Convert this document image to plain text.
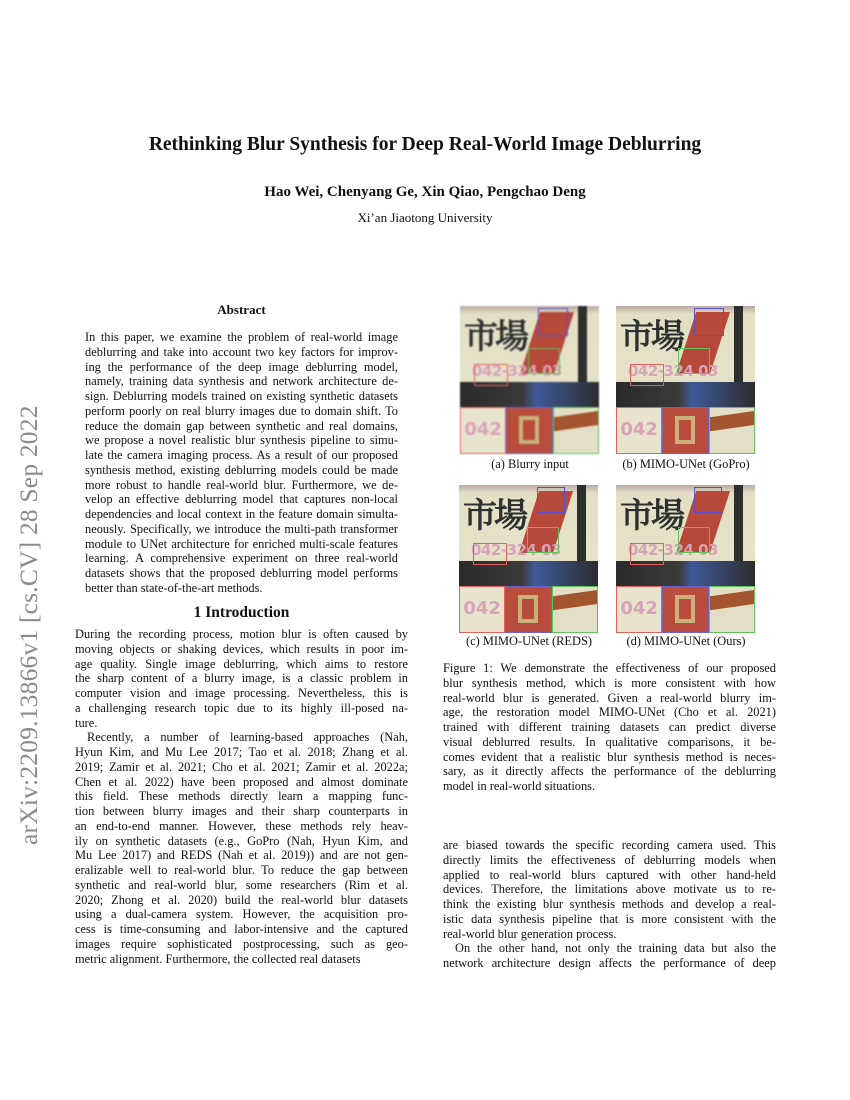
Rethinking Blur Synthesis for Deep Real-World Image Deblurring
Hao Wei, Chenyang Ge, Xin Qiao, Pengchao Deng
Xi’an Jiaotong University
arXiv:2209.13866v1 [cs.CV] 28 Sep 2022
Abstract
In this paper, we examine the problem of real-world image
deblurring and take into account two key factors for improv-
ing the performance of the deep image deblurring model,
namely, training data synthesis and network architecture de-
sign. Deblurring models trained on existing synthetic datasets
perform poorly on real blurry images due to domain shift. To
reduce the domain gap between synthetic and real domains,
we propose a novel realistic blur synthesis pipeline to simu-
late the camera imaging process. As a result of our proposed
synthesis method, existing deblurring models could be made
more robust to handle real-world blur. Furthermore, we de-
velop an effective deblurring model that captures non-local
dependencies and local context in the feature domain simulta-
neously. Specifically, we introduce the multi-path transformer
module to UNet architecture for enriched multi-scale features
learning. A comprehensive experiment on three real-world
datasets shows that the proposed deblurring model performs
better than state-of-the-art methods.
1 Introduction
During the recording process, motion blur is often caused by
moving objects or shaking devices, which results in poor im-
age quality. Single image deblurring, which aims to restore
the sharp content of a blurry image, is a classic problem in
computer vision and image processing. Nevertheless, this is
a challenging research topic due to its highly ill-posed na-
ture.
Recently, a number of learning-based approaches (Nah,
Hyun Kim, and Mu Lee 2017; Tao et al. 2018; Zhang et al.
2019; Zamir et al. 2021; Cho et al. 2021; Zamir et al. 2022a;
Chen et al. 2022) have been proposed and almost dominate
this field. These methods directly learn a mapping func-
tion between blurry images and their sharp counterparts in
an end-to-end manner. However, these methods rely heav-
ily on synthetic datasets (e.g., GoPro (Nah, Hyun Kim, and
Mu Lee 2017) and REDS (Nah et al. 2019)) and are not gen-
eralizable well to real-world blur. To reduce the gap between
synthetic and real-world blur, some researchers (Rim et al.
2020; Zhong et al. 2020) build the real-world blur datasets
using a dual-camera system. However, the acquisition pro-
cess is time-consuming and labor-intensive and the captured
images require sophisticated postprocessing, such as geo-
metric alignment. Furthermore, the collected real datasets
市場
042-324 03
042
(a) Blurry input
市場
042-324 03
042
(b) MIMO-UNet (GoPro)
市場
042-324 03
042
(c) MIMO-UNet (REDS)
市場
042-324 03
042
(d) MIMO-UNet (Ours)
Figure 1: We demonstrate the effectiveness of our proposed
blur synthesis method, which is more consistent with how
real-world blur is generated. Given a real-world blurry im-
age, the restoration model MIMO-UNet (Cho et al. 2021)
trained with different training datasets can predict diverse
visual deblurred results. In qualitative comparisons, it be-
comes evident that a realistic blur synthesis method is neces-
sary, as it directly affects the performance of the deblurring
model in real-world situations.
are biased towards the specific recording camera used. This
directly limits the effectiveness of deblurring models when
applied to real-world blurs captured with other hand-held
devices. Therefore, the limitations above motivate us to re-
think the existing blur synthesis methods and develop a real-
istic data synthesis pipeline that is more consistent with the
real-world blur generation process.
On the other hand, not only the training data but also the
network architecture design affects the performance of deep
